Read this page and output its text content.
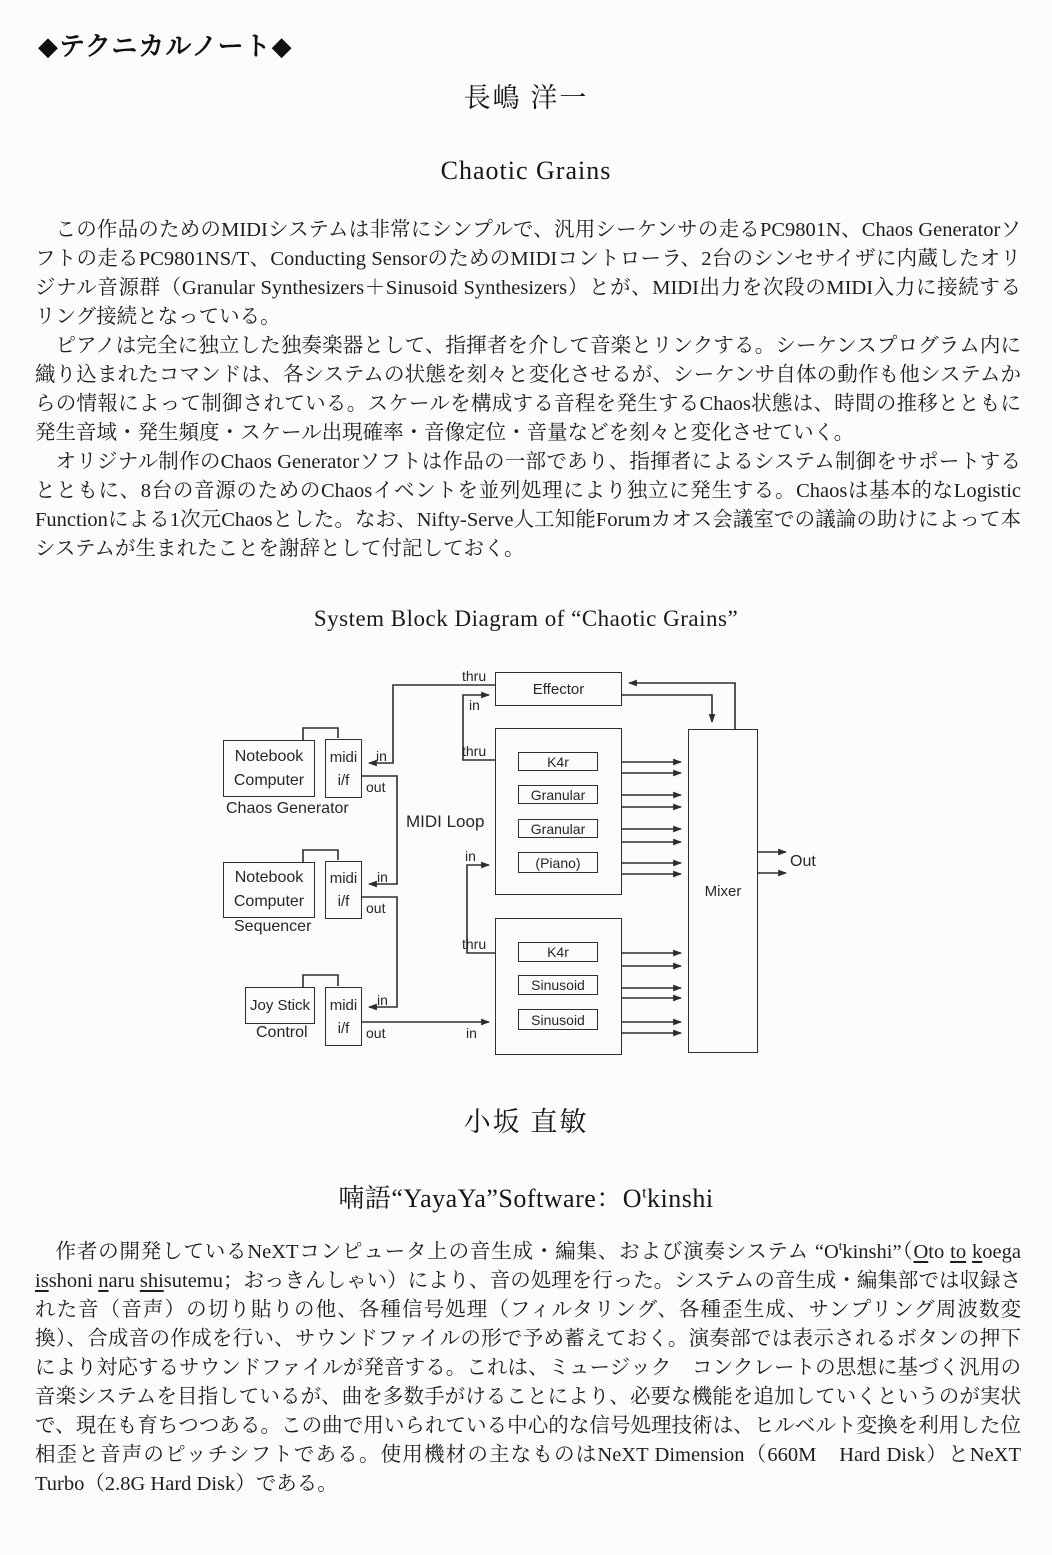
◆テクニカルノート◆
長嶋 洋一
Chaotic Grains

この作品のためのMIDIシステムは非常にシンプルで、汎用シーケンサの走るPC9801N、Chaos Generatorソフトの走るPC9801NS/T、Conducting SensorのためのMIDIコントローラ、2台のシンセサイザに内蔵したオリジナル音源群（Granular Synthesizers＋Sinusoid Synthesizers）とが、MIDI出力を次段のMIDI入力に接続するリング接続となっている。

ピアノは完全に独立した独奏楽器として、指揮者を介して音楽とリンクする。シーケンスプログラム内に織り込まれたコマンドは、各システムの状態を刻々と変化させるが、シーケンサ自体の動作も他システムからの情報によって制御されている。スケールを構成する音程を発生するChaos状態は、時間の推移とともに発生音域・発生頻度・スケール出現確率・音像定位・音量などを刻々と変化させていく。

オリジナル制作のChaos Generatorソフトは作品の一部であり、指揮者によるシステム制御をサポートするとともに、8台の音源のためのChaosイベントを並列処理により独立に発生する。Chaosは基本的なLogistic Functionによる1次元Chaosとした。なお、Nifty-Serve人工知能Forumカオス会議室での議論の助けによって本システムが生まれたことを謝辞として付記しておく。

System Block Diagram of “Chaotic Grains”
Effector
K4r
Granular
Granular
(Piano)
K4r
Sinusoid
Sinusoid
Mixer
Notebook Computer
midi i/f
Notebook Computer
midi i/f
Joy Stick	midi i/f
Chaos Generator
Sequencer
Control
MIDI Loop
Out
thru
in
thru
in
out
in
in
out
thru
in
out	in
小坂 直敏
喃語“YayaYa”Software：$O^tkinshi$

作者の開発しているNeXTコンピュータ上の音生成・編集、および演奏システム “$O^tkinshi”(Oto$ to koega　isshoni naru shisutemu；おっきんしゃい）により、音の処理を行った。システムの音生成・編集部では収録された音（音声）の切り貼りの他、各種信号処理（フィルタリング、各種歪生成、サンプリング周波数変換）、合成音の作成を行い、サウンドファイルの形で予め蓄えておく。演奏部では表示されるボタンの押下により対応するサウンドファイルが発音する。これは、ミュージック　コンクレートの思想に基づく汎用の音楽システムを目指しているが、曲を多数手がけることにより、必要な機能を追加していくというのが実状で、現在も育ちつつある。この曲で用いられている中心的な信号処理技術は、ヒルベルト変換を利用した位相歪と音声のピッチシフトである。使用機材の主なものはNeXT Dimension（660M　Hard Disk）とNeXT Turbo（2.8G Hard Disk）である。
